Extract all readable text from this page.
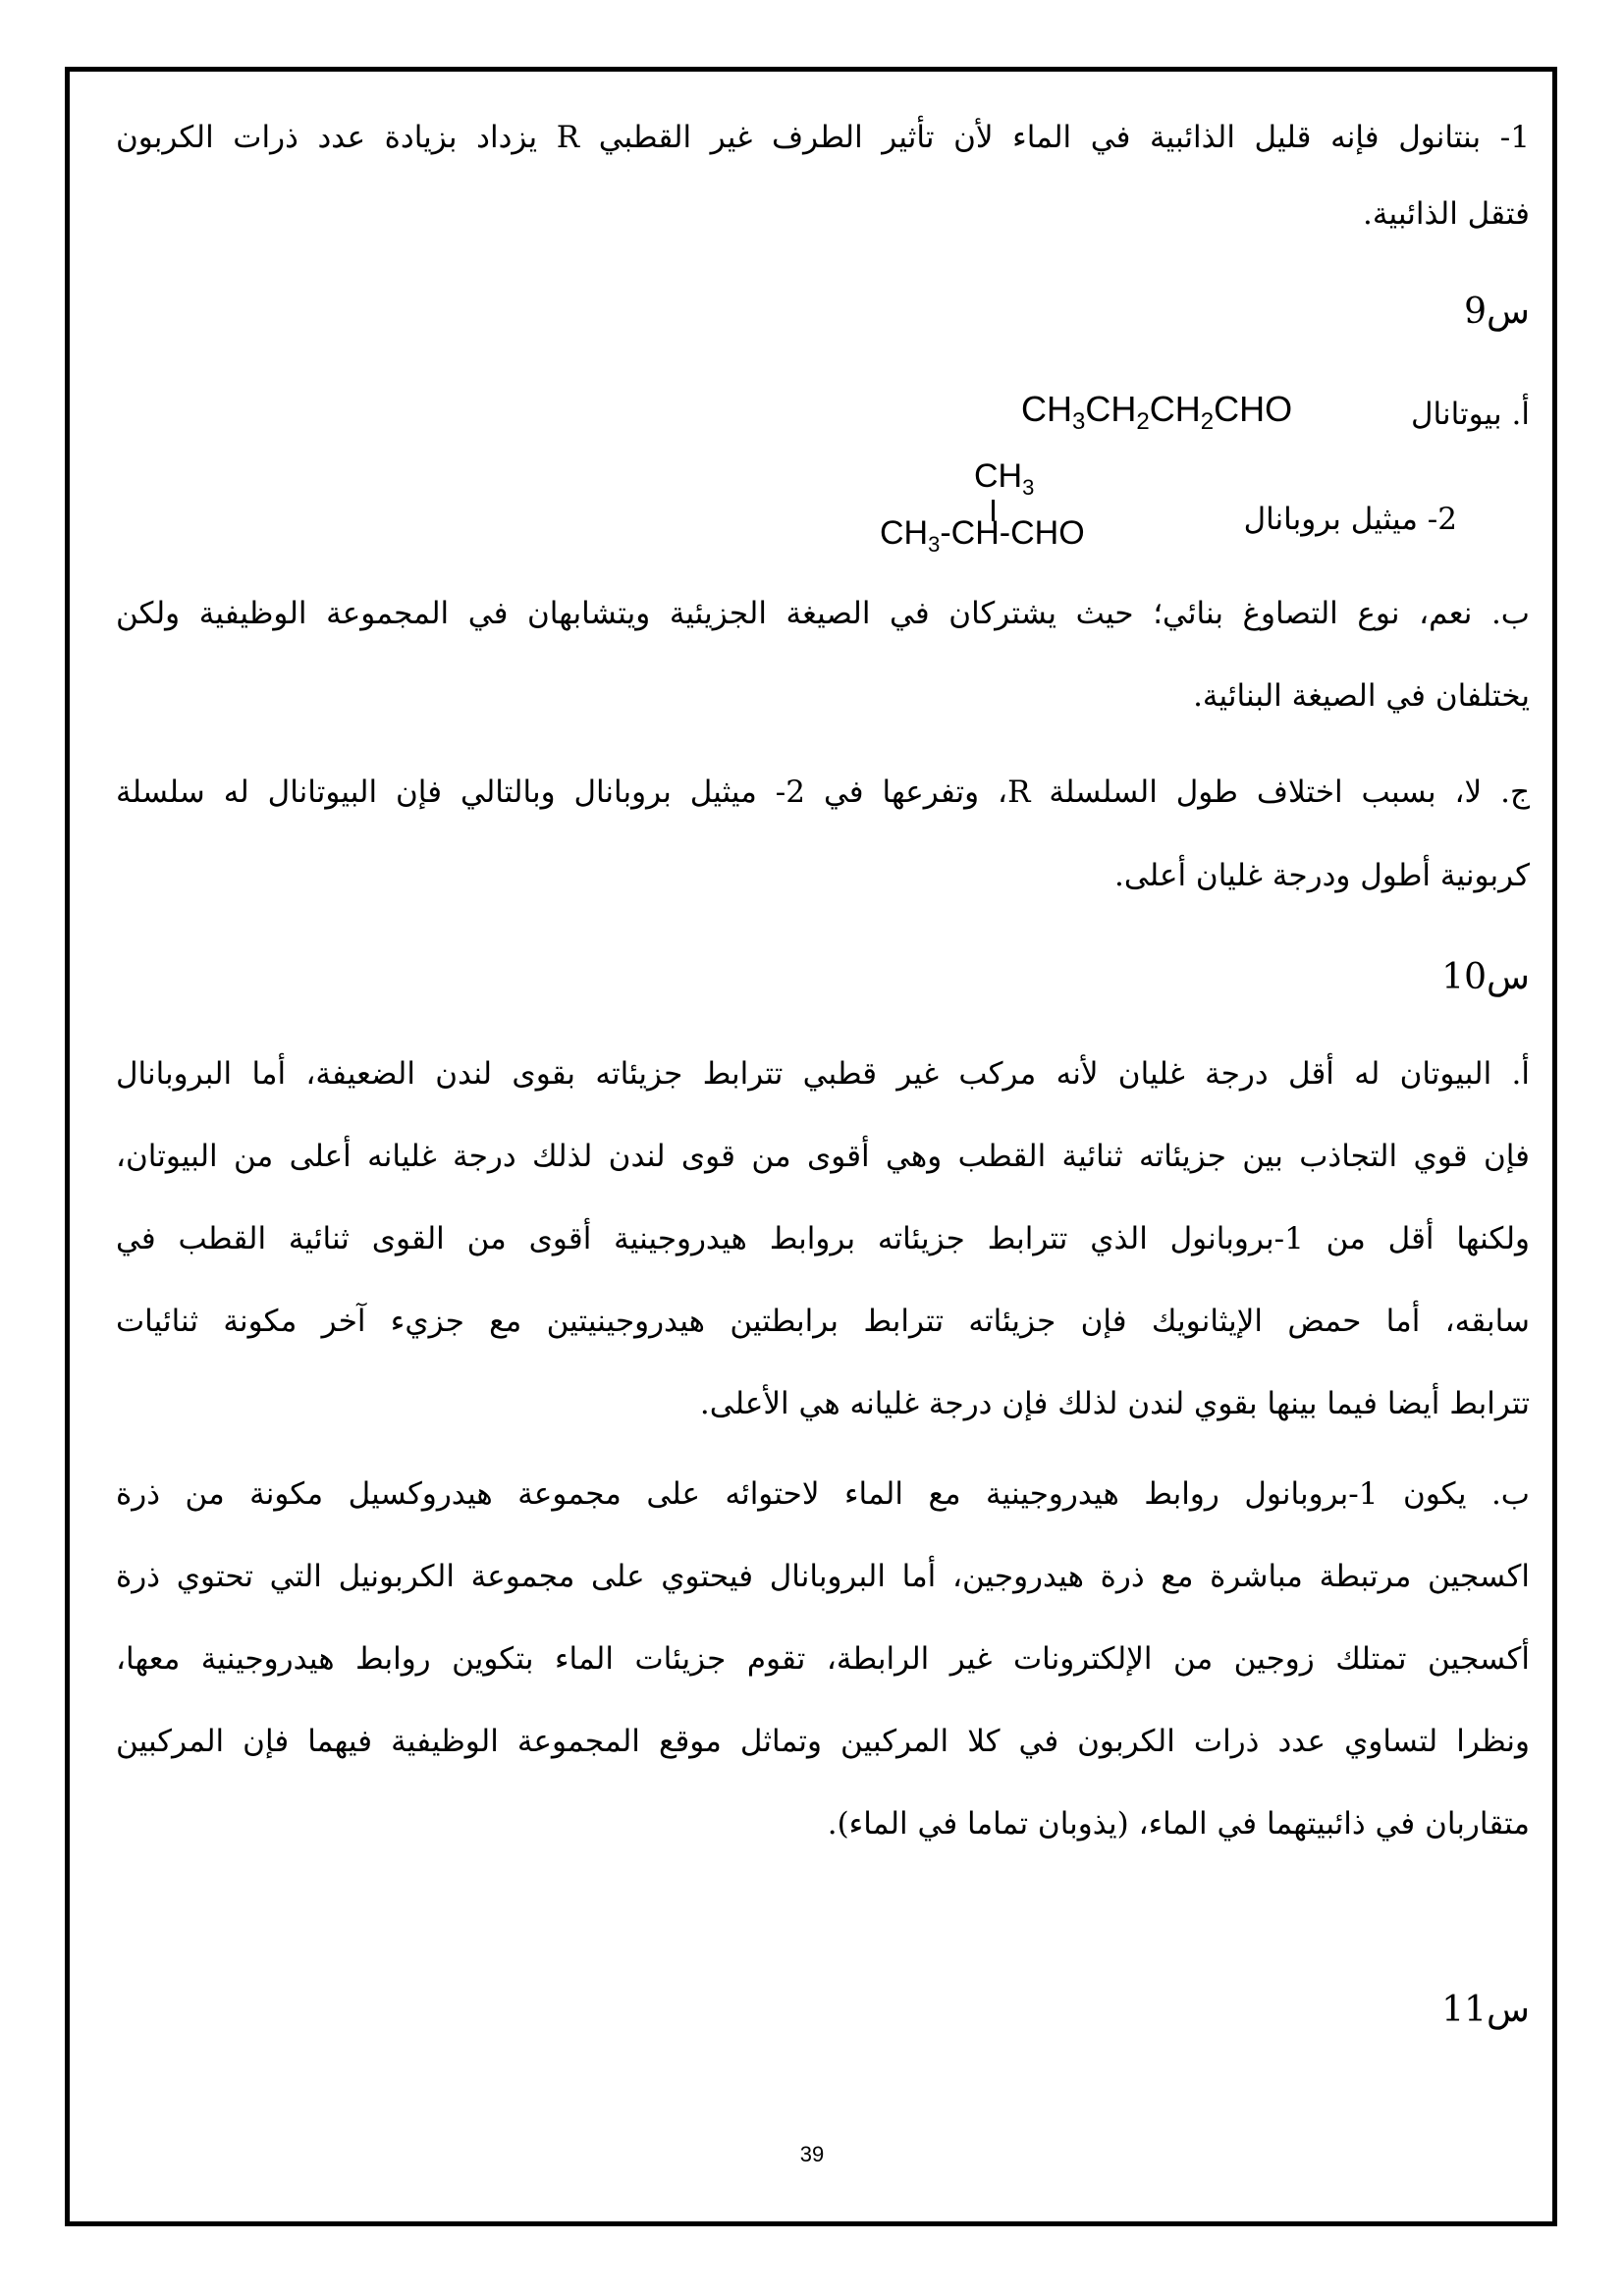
1- بنتانول فإنه قليل الذائبية في الماء لأن تأثير الطرف غير القطبي R يزداد بزيادة عدد ذرات الكربون
فتقل الذائبية.
س9
أ. بيوتانال
$CH_3CH_2CH_2CHO$
2- ميثيل بروبانال
$CH_3$
$CH_3-CH$-CHO
ب. نعم، نوع التصاوغ بنائي؛ حيث يشتركان في الصيغة الجزيئية ويتشابهان في المجموعة الوظيفية ولكن
يختلفان في الصيغة البنائية.
ج. لا، بسبب اختلاف طول السلسلة R، وتفرعها في 2- ميثيل بروبانال وبالتالي فإن البيوتانال له سلسلة
كربونية أطول ودرجة غليان أعلى.
س10
أ. البيوتان له أقل درجة غليان لأنه مركب غير قطبي تترابط جزيئاته بقوى لندن الضعيفة، أما البروبانال
فإن قوي التجاذب بين جزيئاته ثنائية القطب وهي أقوى من قوى لندن لذلك درجة غليانه أعلى من البيوتان،
ولكنها أقل من 1-بروبانول الذي تترابط جزيئاته بروابط هيدروجينية أقوى من القوى ثنائية القطب في
سابقه، أما حمض الإيثانويك فإن جزيئاته تترابط برابطتين هيدروجينيتين مع جزيء آخر مكونة ثنائيات
تترابط أيضا فيما بينها بقوي لندن لذلك فإن درجة غليانه هي الأعلى.
ب. يكون 1-بروبانول روابط هيدروجينية مع الماء لاحتوائه على مجموعة هيدروكسيل مكونة من ذرة
اكسجين مرتبطة مباشرة مع ذرة هيدروجين، أما البروبانال فيحتوي على مجموعة الكربونيل التي تحتوي ذرة
أكسجين تمتلك زوجين من الإلكترونات غير الرابطة، تقوم جزيئات الماء بتكوين روابط هيدروجينية معها،
ونظرا لتساوي عدد ذرات الكربون في كلا المركبين وتماثل موقع المجموعة الوظيفية فيهما فإن المركبين
متقاربان في ذائبيتهما في الماء، (يذوبان تماما في الماء).
س11
39
